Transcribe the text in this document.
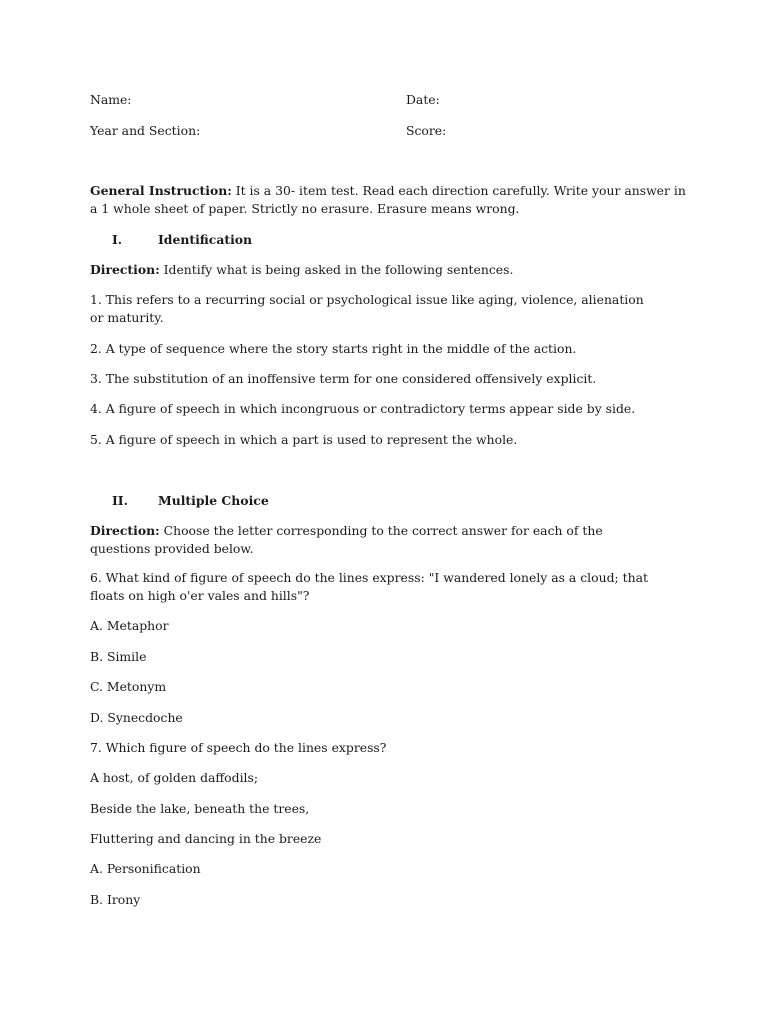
Name:	Date:
Year and Section:	Score:
General Instruction: It is a 30- item test. Read each direction carefully. Write your answer in a 1 whole sheet of paper. Strictly no erasure. Erasure means wrong.
I.	Identification
Direction: Identify what is being asked in the following sentences.
1. This refers to a recurring social or psychological issue like aging, violence, alienation or maturity.
2. A type of sequence where the story starts right in the middle of the action.
3. The substitution of an inoffensive term for one considered offensively explicit.
4. A figure of speech in which incongruous or contradictory terms appear side by side.
5. A figure of speech in which a part is used to represent the whole.
II. Multiple Choice
Direction: Choose the letter corresponding to the correct answer for each of the questions provided below.
6. What kind of figure of speech do the lines express: "I wandered lonely as a cloud; that floats on high o'er vales and hills"?
A. Metaphor
B. Simile
C. Metonym
D. Synecdoche
7. Which figure of speech do the lines express?
A host, of golden daffodils;
Beside the lake, beneath the trees,
Fluttering and dancing in the breeze
A. Personification
B. Irony
